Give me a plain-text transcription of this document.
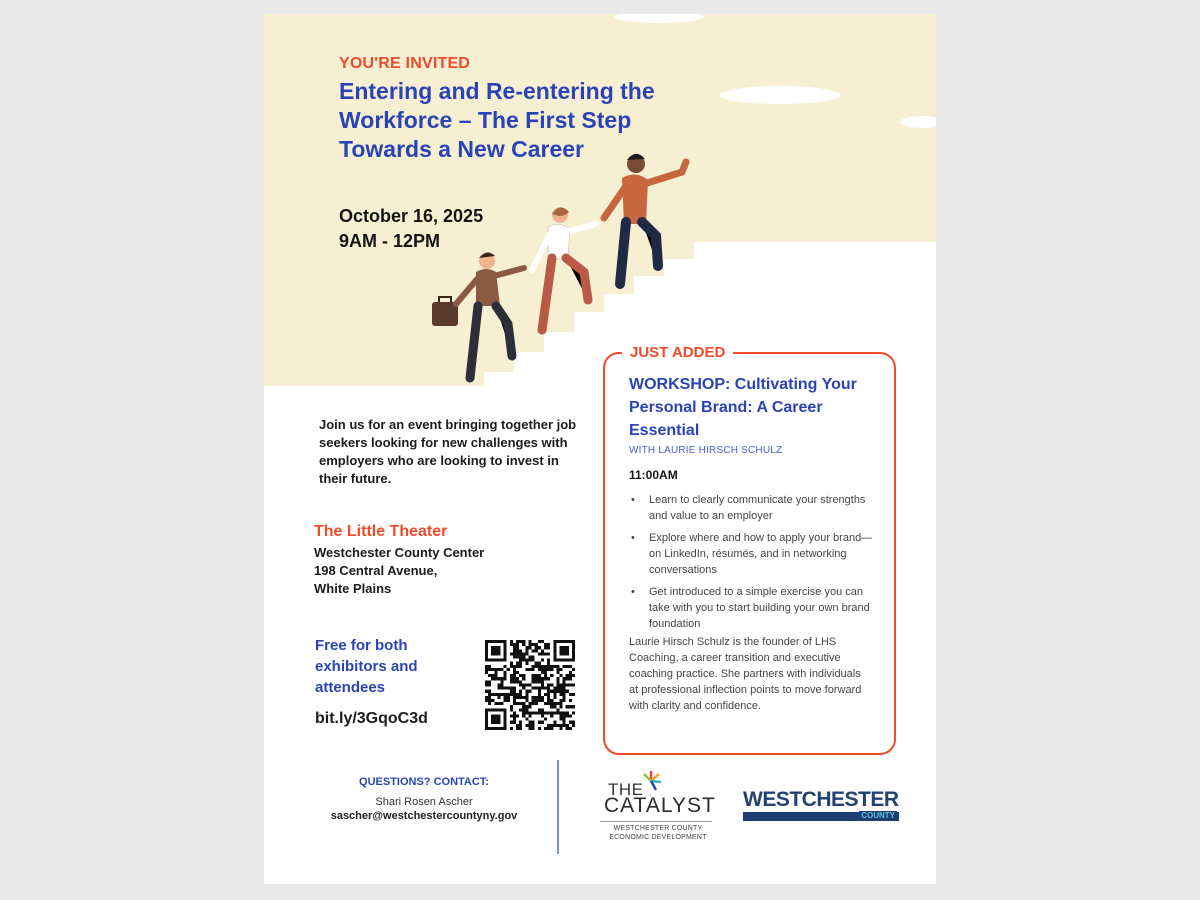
YOU'RE INVITED

Entering and Re-entering the Workforce – The First Step Towards a New Career
October 16, 2025
9AM - 12PM

Join us for an event bringing together job seekers looking for new challenges with employers who are looking to invest in their future.

The Little Theater
Westchester County Center
198 Central Avenue,
White Plains

Free for both exhibitors and attendees

bit.ly/3GqoC3d
QUESTIONS? CONTACT:
Shari Rosen Ascher
sascher@westchestercountyny.gov
THE
CATALYST
WESTCHESTER COUNTY
ECONOMIC DEVELOPMENT
WESTCHESTER
COUNTY
JUST ADDED
WORKSHOP: Cultivating Your Personal Brand: A Career Essential
WITH LAURIE HIRSCH SCHULZ
11:00AM
• Learn to clearly communicate your strengths and value to an employer
• Explore where and how to apply your brand—on LinkedIn, résumés, and in networking conversations
• Get introduced to a simple exercise you can take with you to start building your own brand foundation

Laurie Hirsch Schulz is the founder of LHS Coaching, a career transition and executive coaching practice. She partners with individuals at professional inflection points to move forward with clarity and confidence.
